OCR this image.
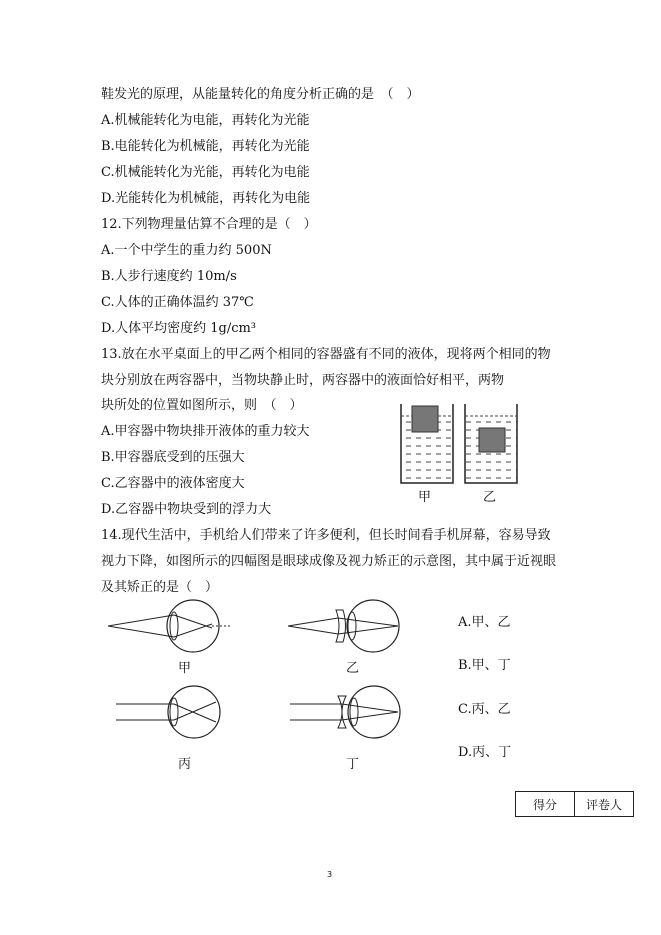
鞋发光的原理，从能量转化的角度分析正确的是　（　）
A.机械能转化为电能，再转化为光能
B.电能转化为机械能，再转化为光能
C.机械能转化为光能，再转化为电能
D.光能转化为机械能，再转化为电能
12.下列物理量估算不合理的是（　）
A.一个中学生的重力约 500N
B.人步行速度约 10m/s
C.人体的正确体温约 37℃
D.人体平均密度约 1g/cm³
13.放在水平桌面上的甲乙两个相同的容器盛有不同的液体，现将两个相同的物
块分别放在两容器中，当物块静止时，两容器中的液面恰好相平，两物
块所处的位置如图所示，则　（　）
A.甲容器中物块排开液体的重力较大
B.甲容器底受到的压强大
C.乙容器中的液体密度大
D.乙容器中物块受到的浮力大
甲	乙
14.现代生活中，手机给人们带来了许多便利，但长时间看手机屏幕，容易导致
视力下降，如图所示的四幅图是眼球成像及视力矫正的示意图，其中属于近视眼
及其矫正的是（　）
甲	乙
丙	丁
A.甲、乙
B.甲、丁
C.丙、乙
D.丙、丁
得分	评卷人
3
